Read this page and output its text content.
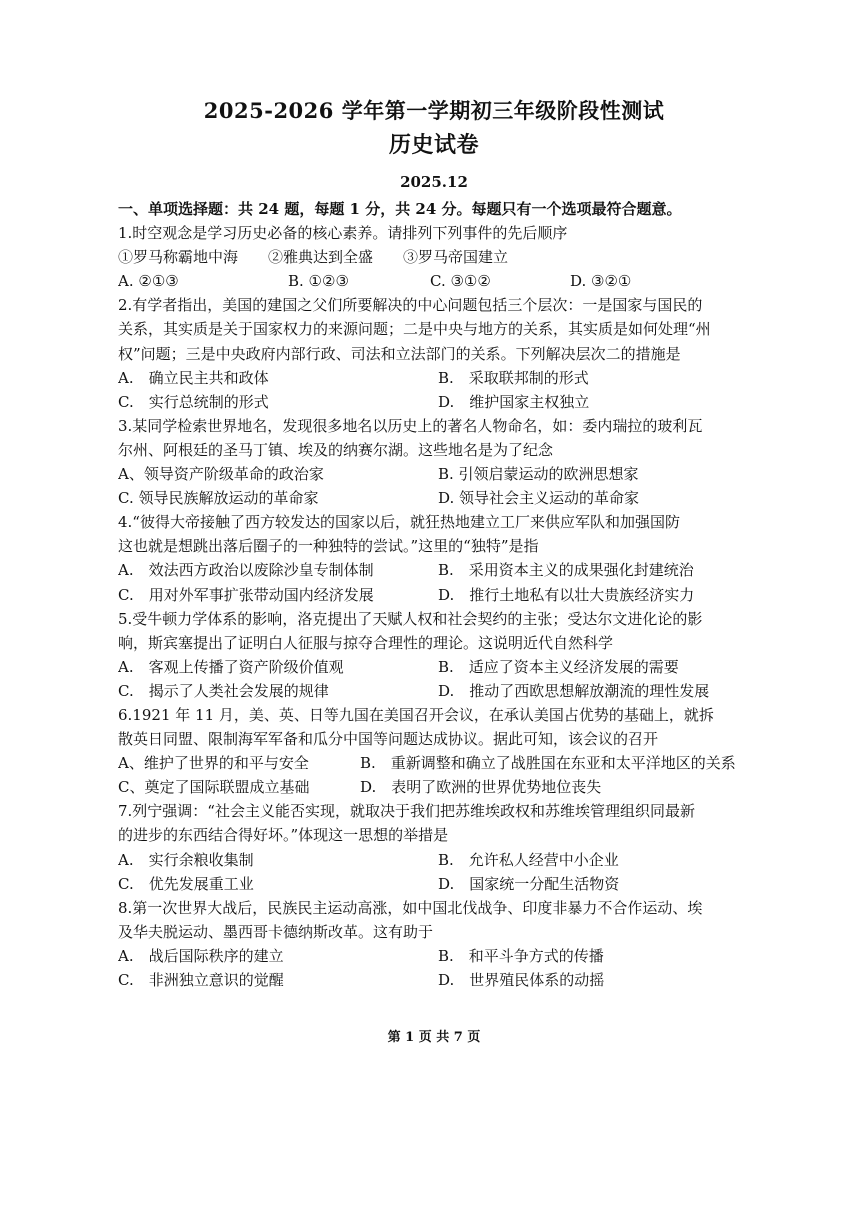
2025-2026 学年第一学期初三年级阶段性测试
历史试卷
2025.12
一、单项选择题：共 24 题，每题 1 分，共 24 分。每题只有一个选项最符合题意。
1.时空观念是学习历史必备的核心素养。请排列下列事件的先后顺序
①罗马称霸地中海　　②雅典达到全盛　　③罗马帝国建立
A. ②①③	B. ①②③	C. ③①②	D. ③②①
2.有学者指出，美国的建国之父们所要解决的中心问题包括三个层次：一是国家与国民的
关系，其实质是关于国家权力的来源问题；二是中央与地方的关系，其实质是如何处理“州
权”问题；三是中央政府内部行政、司法和立法部门的关系。下列解决层次二的措施是
A.　确立民主共和政体	B.　采取联邦制的形式
C.　实行总统制的形式	D.　维护国家主权独立
3.某同学检索世界地名，发现很多地名以历史上的著名人物命名，如：委内瑞拉的玻利瓦
尔州、阿根廷的圣马丁镇、埃及的纳赛尔湖。这些地名是为了纪念
A、领导资产阶级革命的政治家	B. 引领启蒙运动的欧洲思想家
C. 领导民族解放运动的革命家	D. 领导社会主义运动的革命家
4.“彼得大帝接触了西方较发达的国家以后，就狂热地建立工厂来供应军队和加强国防
这也就是想跳出落后圈子的一种独特的尝试。”这里的“独特”是指
A.　效法西方政治以废除沙皇专制体制	B.　采用资本主义的成果强化封建统治
C.　用对外军事扩张带动国内经济发展	D.　推行土地私有以壮大贵族经济实力
5.受牛顿力学体系的影响，洛克提出了天赋人权和社会契约的主张；受达尔文进化论的影
响，斯宾塞提出了证明白人征服与掠夺合理性的理论。这说明近代自然科学
A.　客观上传播了资产阶级价值观	B.　适应了资本主义经济发展的需要
C.　揭示了人类社会发展的规律	D.　推动了西欧思想解放潮流的理性发展
6.1921 年 11 月，美、英、日等九国在美国召开会议，在承认美国占优势的基础上，就拆
散英日同盟、限制海军军备和瓜分中国等问题达成协议。据此可知，该会议的召开
A、维护了世界的和平与安全	B.　重新调整和确立了战胜国在东亚和太平洋地区的关系
C、奠定了国际联盟成立基础	D.　表明了欧洲的世界优势地位丧失
7.列宁强调：“社会主义能否实现，就取决于我们把苏维埃政权和苏维埃管理组织同最新
的进步的东西结合得好坏。”体现这一思想的举措是
A.　实行余粮收集制	B.　允许私人经营中小企业
C.　优先发展重工业	D.　国家统一分配生活物资
8.第一次世界大战后，民族民主运动高涨，如中国北伐战争、印度非暴力不合作运动、埃
及华夫脱运动、墨西哥卡德纳斯改革。这有助于
A.　战后国际秩序的建立	B.　和平斗争方式的传播
C.　非洲独立意识的觉醒	D.　世界殖民体系的动摇
第 1 页 共 7 页
